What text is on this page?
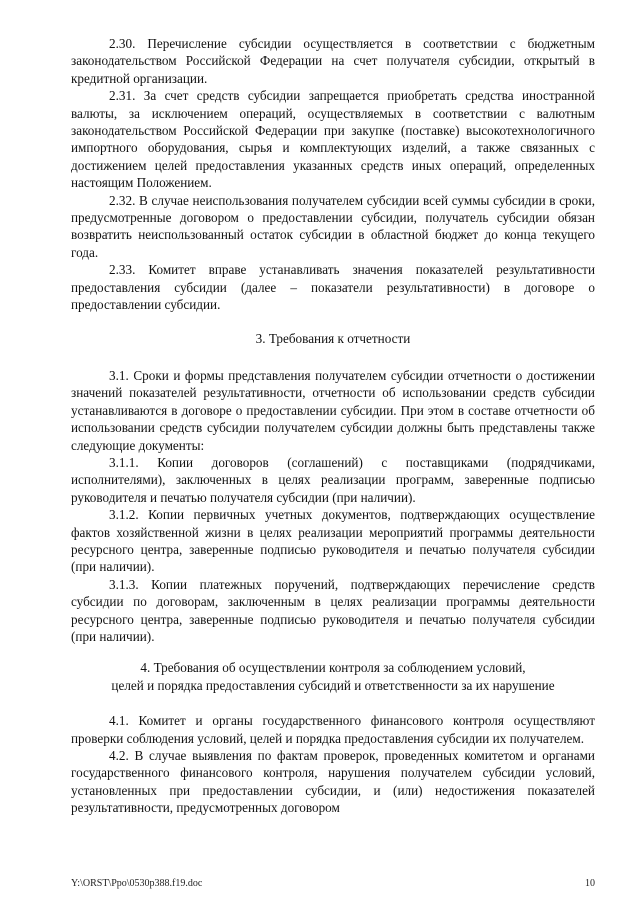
2.30. Перечисление субсидии осуществляется в соответствии с бюджетным законодательством Российской Федерации на счет получателя субсидии, открытый в кредитной организации.

2.31. За счет средств субсидии запрещается приобретать средства иностранной валюты, за исключением операций, осуществляемых в соответствии с валютным законодательством Российской Федерации при закупке (поставке) высокотехнологичного импортного оборудования, сырья и комплектующих изделий, а также связанных с достижением целей предоставления указанных средств иных операций, определенных настоящим Положением.

2.32. В случае неиспользования получателем субсидии всей суммы субсидии в сроки, предусмотренные договором о предоставлении субсидии, получатель субсидии обязан возвратить неиспользованный остаток субсидии в областной бюджет до конца текущего года.

2.33. Комитет вправе устанавливать значения показателей результативности предоставления субсидии (далее – показатели результативности) в договоре о предоставлении субсидии.

3. Требования к отчетности

3.1. Сроки и формы представления получателем субсидии отчетности о достижении значений показателей результативности, отчетности об использовании средств субсидии устанавливаются в договоре о предоставлении субсидии. При этом в составе отчетности об использовании средств субсидии получателем субсидии должны быть представлены также следующие документы:

3.1.1. Копии договоров (соглашений) с поставщиками (подрядчиками, исполнителями), заключенных в целях реализации программ, заверенные подписью руководителя и печатью получателя субсидии (при наличии).

3.1.2. Копии первичных учетных документов, подтверждающих осуществление фактов хозяйственной жизни в целях реализации мероприятий программы деятельности ресурсного центра, заверенные подписью руководителя и печатью получателя субсидии (при наличии).

3.1.3. Копии платежных поручений, подтверждающих перечисление средств субсидии по договорам, заключенным в целях реализации программы деятельности ресурсного центра, заверенные подписью руководителя и печатью получателя субсидии (при наличии).

4. Требования об осуществлении контроля за соблюдением условий,
целей и порядка предоставления субсидий и ответственности за их нарушение

4.1. Комитет и органы государственного финансового контроля осуществляют проверки соблюдения условий, целей и порядка предоставления субсидии их получателем.

4.2. В случае выявления по фактам проверок, проведенных комитетом и органами государственного финансового контроля, нарушения получателем субсидии условий, установленных при предоставлении субсидии, и (или) недостижения показателей результативности, предусмотренных договором

Y:\ORST\Ppo\0530p388.f19.doc	10
